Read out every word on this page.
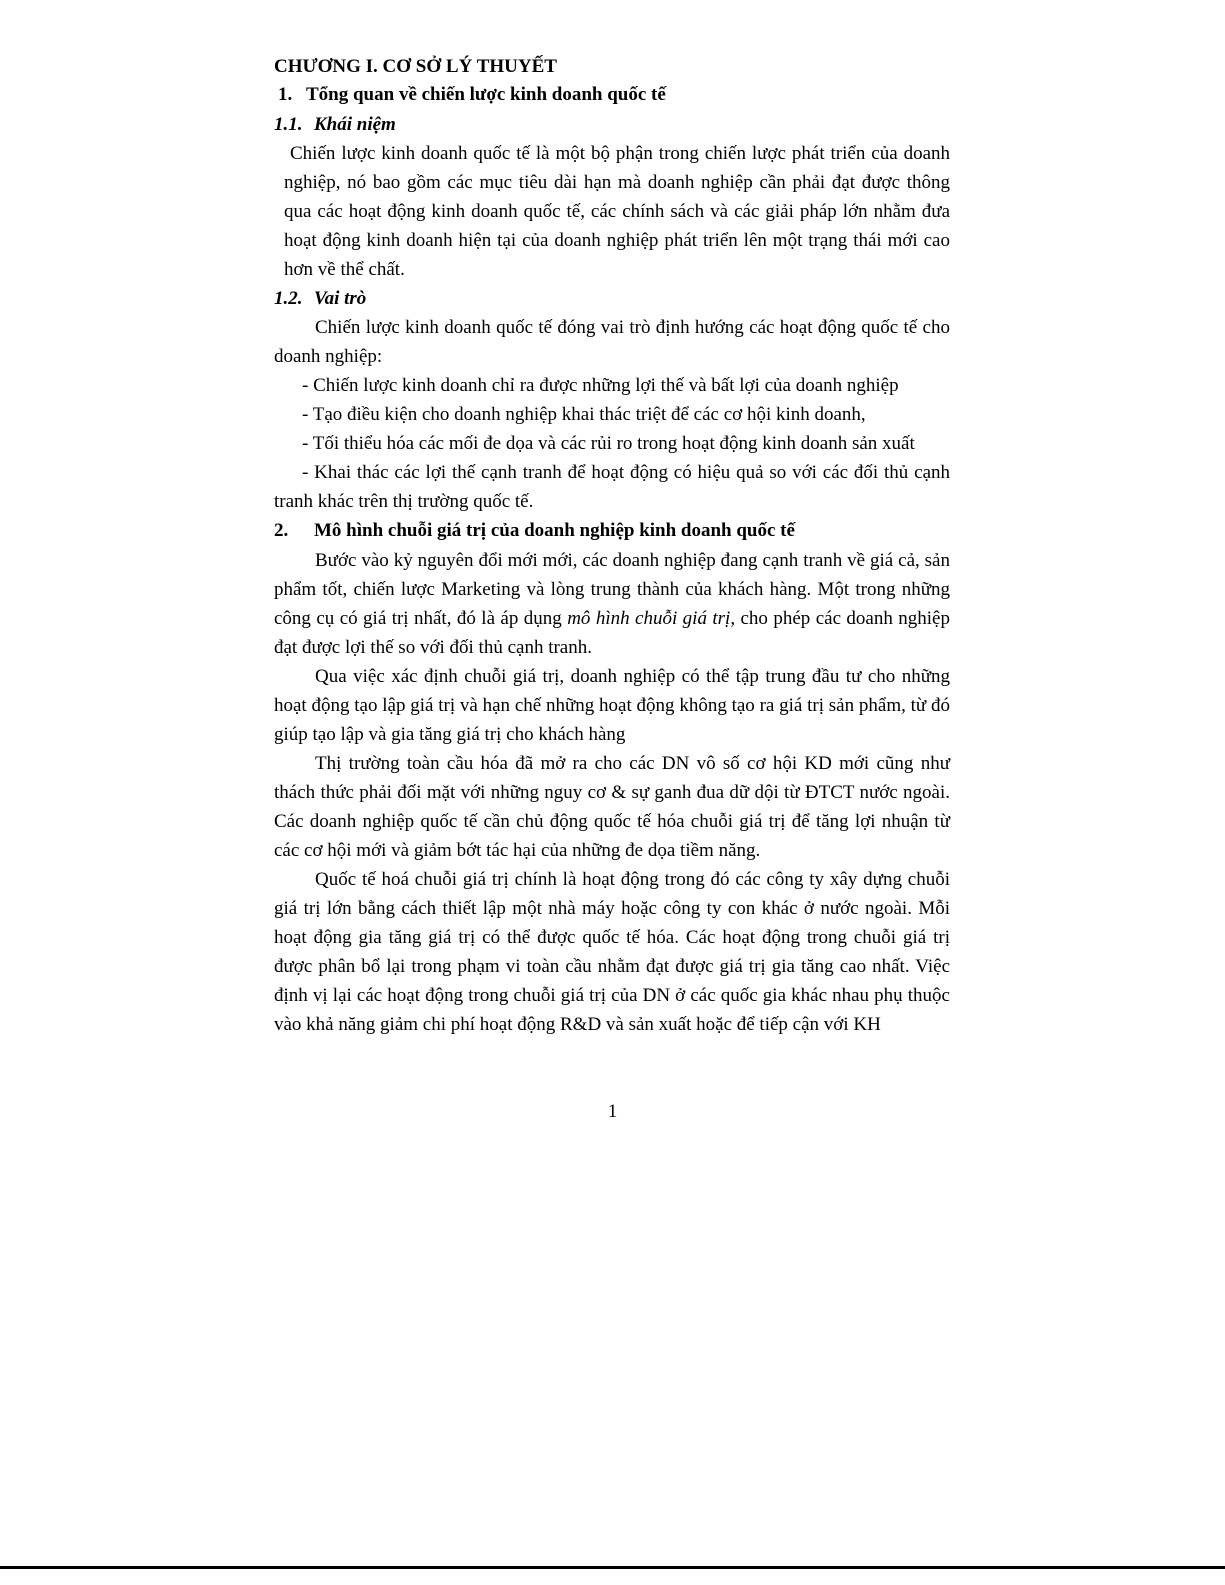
CHƯƠNG I. CƠ SỞ LÝ THUYẾT
1. Tổng quan về chiến lược kinh doanh quốc tế
1.1. Khái niệm

Chiến lược kinh doanh quốc tế là một bộ phận trong chiến lược phát triển của doanh nghiệp, nó bao gồm các mục tiêu dài hạn mà doanh nghiệp cần phải đạt được thông qua các hoạt động kinh doanh quốc tế, các chính sách và các giải pháp lớn nhằm đưa hoạt động kinh doanh hiện tại của doanh nghiệp phát triển lên một trạng thái mới cao hơn về thể chất.

1.2. Vai trò

Chiến lược kinh doanh quốc tế đóng vai trò định hướng các hoạt động quốc tế cho doanh nghiệp:

- Chiến lược kinh doanh chỉ ra được những lợi thế và bất lợi của doanh nghiệp

- Tạo điều kiện cho doanh nghiệp khai thác triệt để các cơ hội kinh doanh,

- Tối thiểu hóa các mối đe dọa và các rủi ro trong hoạt động kinh doanh sản xuất

- Khai thác các lợi thế cạnh tranh để hoạt động có hiệu quả so với các đối thủ cạnh tranh khác trên thị trường quốc tế.

2. Mô hình chuỗi giá trị của doanh nghiệp kinh doanh quốc tế

Bước vào kỷ nguyên đổi mới mới, các doanh nghiệp đang cạnh tranh về giá cả, sản phẩm tốt, chiến lược Marketing và lòng trung thành của khách hàng. Một trong những công cụ có giá trị nhất, đó là áp dụng mô hình chuỗi giá trị, cho phép các doanh nghiệp đạt được lợi thế so với đối thủ cạnh tranh.

Qua việc xác định chuỗi giá trị, doanh nghiệp có thể tập trung đầu tư cho những hoạt động tạo lập giá trị và hạn chế những hoạt động không tạo ra giá trị sản phẩm, từ đó giúp tạo lập và gia tăng giá trị cho khách hàng

Thị trường toàn cầu hóa đã mở ra cho các DN vô số cơ hội KD mới cũng như thách thức phải đối mặt với những nguy cơ & sự ganh đua dữ dội từ ĐTCT nước ngoài. Các doanh nghiệp quốc tế cần chủ động quốc tế hóa chuỗi giá trị để tăng lợi nhuận từ các cơ hội mới và giảm bớt tác hại của những đe dọa tiềm năng.

Quốc tế hoá chuỗi giá trị chính là hoạt động trong đó các công ty xây dựng chuỗi giá trị lớn bằng cách thiết lập một nhà máy hoặc công ty con khác ở nước ngoài. Mỗi hoạt động gia tăng giá trị có thể được quốc tế hóa. Các hoạt động trong chuỗi giá trị được phân bổ lại trong phạm vi toàn cầu nhằm đạt được giá trị gia tăng cao nhất. Việc định vị lại các hoạt động trong chuỗi giá trị của DN ở các quốc gia khác nhau phụ thuộc vào khả năng giảm chi phí hoạt động R&D và sản xuất hoặc để tiếp cận với KH

1
